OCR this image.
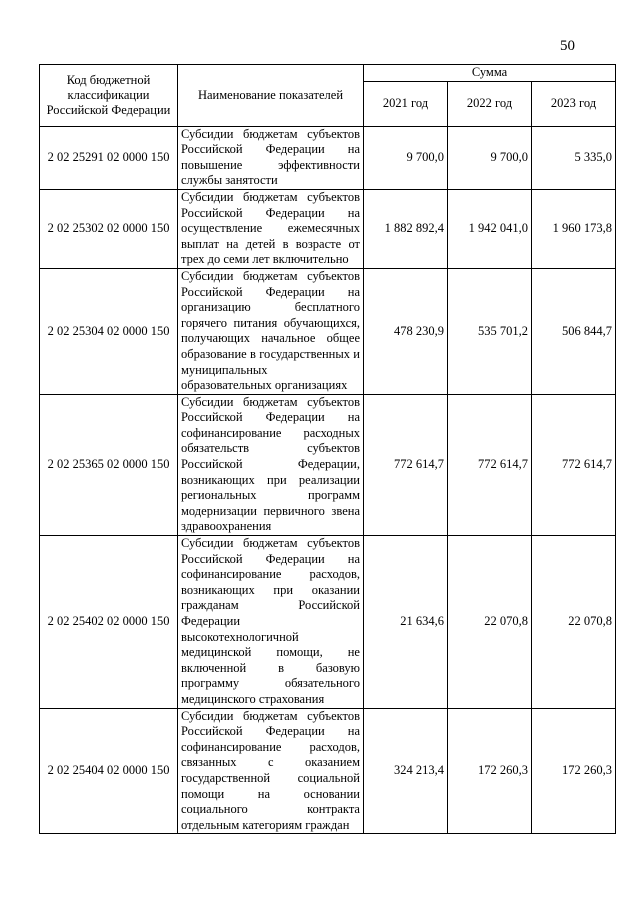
50
Код бюджетной классификации Российской Федерации	Наименование показателей	Сумма		
		2021 год	2022 год	2023 год
2 02 25291 02 0000 150	Субсидии бюджетам субъектов Российской Федерации на повышение эффективности службы занятости	9 700,0	9 700,0	5 335,0
2 02 25302 02 0000 150	Субсидии бюджетам субъектов Российской Федерации на осуществление ежемесячных выплат на детей в возрасте от трех до семи лет включительно	1 882 892,4	1 942 041,0	1 960 173,8
2 02 25304 02 0000 150	Субсидии бюджетам субъектов Российской Федерации на организацию бесплатного горячего питания обучающихся, получающих начальное общее образование в государственных и муниципальных образовательных организациях	478 230,9	535 701,2	506 844,7
2 02 25365 02 0000 150	Субсидии бюджетам субъектов Российской Федерации на софинансирование расходных обязательств субъектов Российской Федерации, возникающих при реализации региональных программ модернизации первичного звена здравоохранения	772 614,7	772 614,7	772 614,7
2 02 25402 02 0000 150	Субсидии бюджетам субъектов Российской Федерации на софинансирование расходов, возникающих при оказании гражданам Российской Федерации высокотехнологичной медицинской помощи, не включенной в базовую программу обязательного медицинского страхования	21 634,6	22 070,8	22 070,8
2 02 25404 02 0000 150	Субсидии бюджетам субъектов Российской Федерации на софинансирование расходов, связанных с оказанием государственной социальной помощи на основании социального контракта отдельным категориям граждан	324 213,4	172 260,3	172 260,3
